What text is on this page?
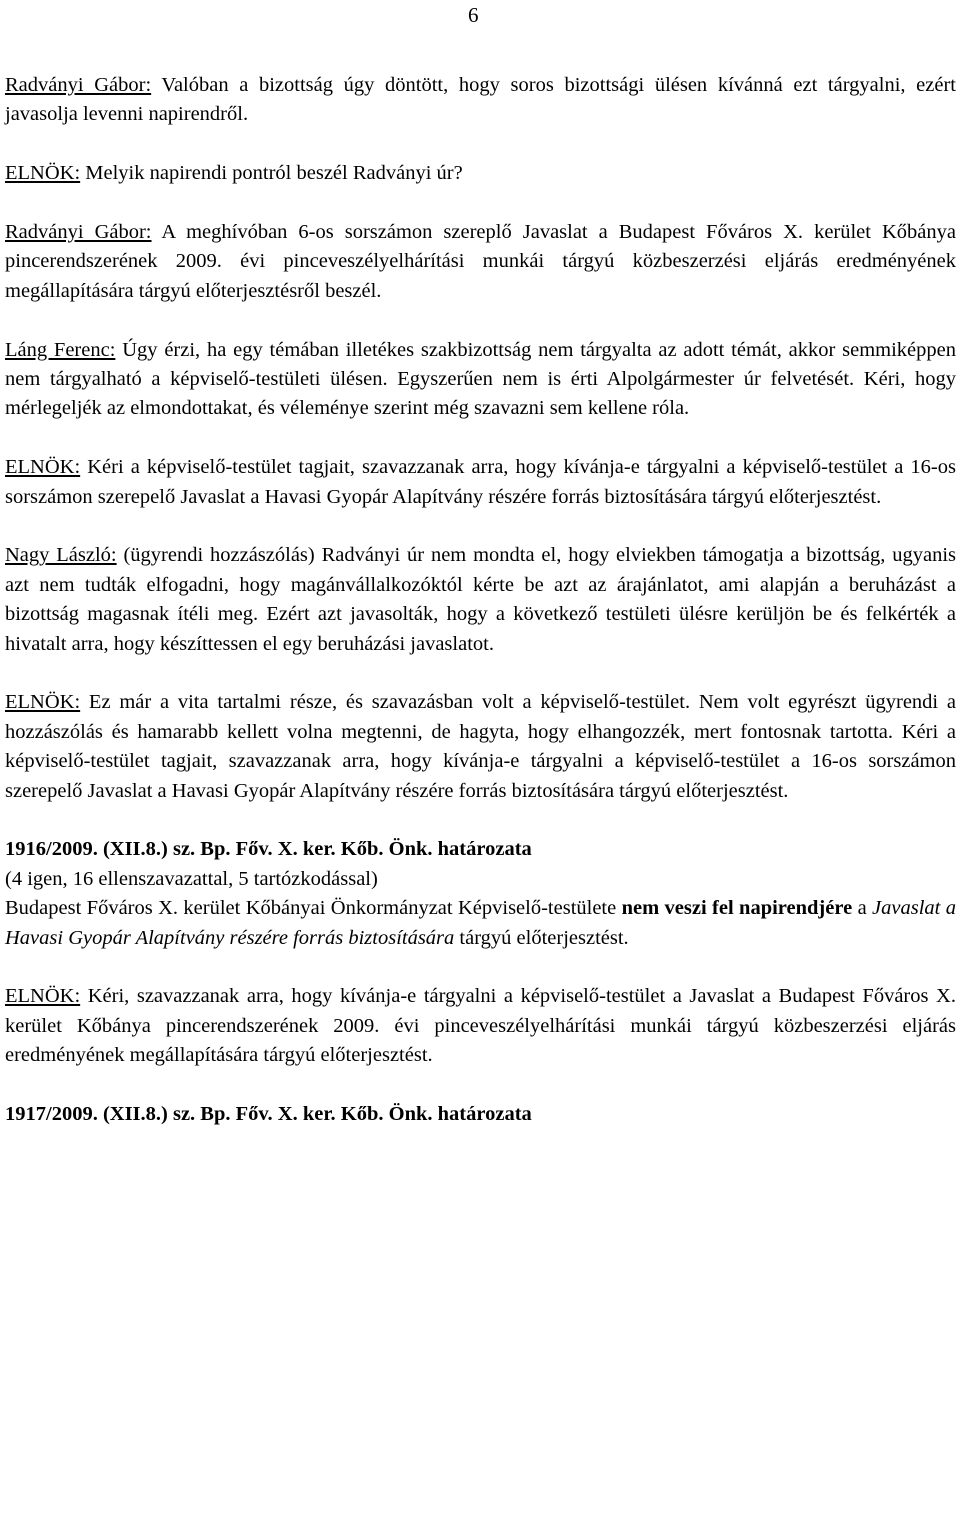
6

Radványi Gábor: Valóban a bizottság úgy döntött, hogy soros bizottsági ülésen kívánná ezt tárgyalni, ezért javasolja levenni napirendről.

ELNÖK: Melyik napirendi pontról beszél Radványi úr?

Radványi Gábor: A meghívóban 6-os sorszámon szereplő Javaslat a Budapest Főváros X. kerület Kőbánya pincerendszerének 2009. évi pinceveszélyelhárítási munkái tárgyú közbeszerzési eljárás eredményének megállapítására tárgyú előterjesztésről beszél.

Láng Ferenc: Úgy érzi, ha egy témában illetékes szakbizottság nem tárgyalta az adott témát, akkor semmiképpen nem tárgyalható a képviselő-testületi ülésen. Egyszerűen nem is érti Alpolgármester úr felvetését. Kéri, hogy mérlegeljék az elmondottakat, és véleménye szerint még szavazni sem kellene róla.

ELNÖK: Kéri a képviselő-testület tagjait, szavazzanak arra, hogy kívánja-e tárgyalni a képviselő-testület a 16-os sorszámon szerepelő Javaslat a Havasi Gyopár Alapítvány részére forrás biztosítására tárgyú előterjesztést.

Nagy László: (ügyrendi hozzászólás) Radványi úr nem mondta el, hogy elviekben támogatja a bizottság, ugyanis azt nem tudták elfogadni, hogy magánvállalkozóktól kérte be azt az árajánlatot, ami alapján a beruházást a bizottság magasnak ítéli meg. Ezért azt javasolták, hogy a következő testületi ülésre kerüljön be és felkérték a hivatalt arra, hogy készíttessen el egy beruházási javaslatot.

ELNÖK: Ez már a vita tartalmi része, és szavazásban volt a képviselő-testület. Nem volt egyrészt ügyrendi a hozzászólás és hamarabb kellett volna megtenni, de hagyta, hogy elhangozzék, mert fontosnak tartotta. Kéri a képviselő-testület tagjait, szavazzanak arra, hogy kívánja-e tárgyalni a képviselő-testület a 16-os sorszámon szerepelő Javaslat a Havasi Gyopár Alapítvány részére forrás biztosítására tárgyú előterjesztést.

1916/2009. (XII.8.) sz. Bp. Főv. X. ker. Kőb. Önk. határozata

(4 igen, 16 ellenszavazattal, 5 tartózkodással)

Budapest Főváros X. kerület Kőbányai Önkormányzat Képviselő-testülete nem veszi fel napirendjére a Javaslat a Havasi Gyopár Alapítvány részére forrás biztosítására tárgyú előterjesztést.

ELNÖK: Kéri, szavazzanak arra, hogy kívánja-e tárgyalni a képviselő-testület a Javaslat a Budapest Főváros X. kerület Kőbánya pincerendszerének 2009. évi pinceveszélyelhárítási munkái tárgyú közbeszerzési eljárás eredményének megállapítására tárgyú előterjesztést.

1917/2009. (XII.8.) sz. Bp. Főv. X. ker. Kőb. Önk. határozata
